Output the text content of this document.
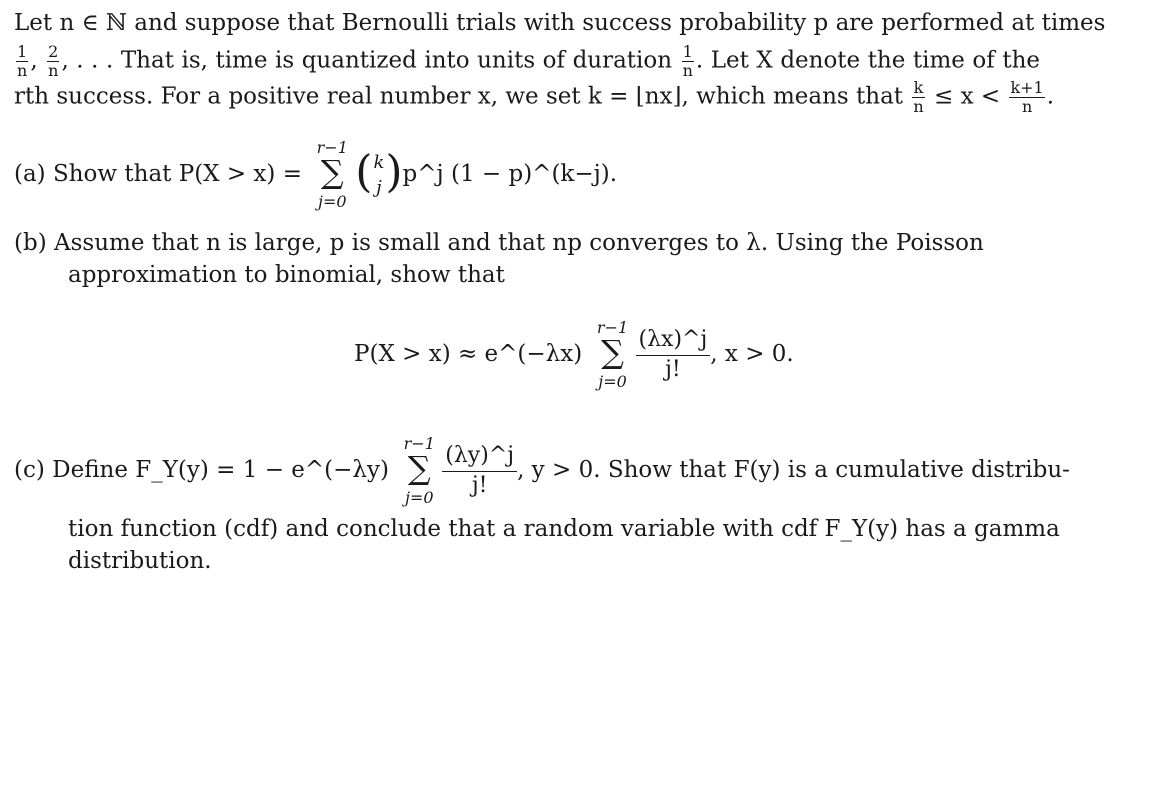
Let n ∈ ℕ and suppose that Bernoulli trials with success probability p are performed at times
$\frac{1}{n}$ , $\frac{2}{n}$ , . . . That is, time is quantized into units of duration $\frac{1}{n}$ . Let X denote the time of the
rth success. For a positive real number x, we set k = ⌊nx⌋, which means that $\frac{k}{n} \le x < \frac{k+1}{n}$ .
(a) Show that P(X > x) =
r−1
∑
j=0
(k
j)p^j (1 − p)^(k−j).
(b) Assume that n is large, p is small and that np converges to λ. Using the Poisson
approximation to binomial, show that
P(X > x) ≈ e^(−λx)
r−1
∑
$j=0 \frac{(\lambda x)\^{}j}{j!}$ , x > 0.
(c) Define F_Y(y) = 1 − e^(−λy)
r−1
∑
$j=0 \frac{(\lambda y)\^{}j}{j!}$ , y > 0. Show that F(y) is a cumulative distribu-
tion function (cdf) and conclude that a random variable with cdf F_Y(y) has a gamma
distribution.
